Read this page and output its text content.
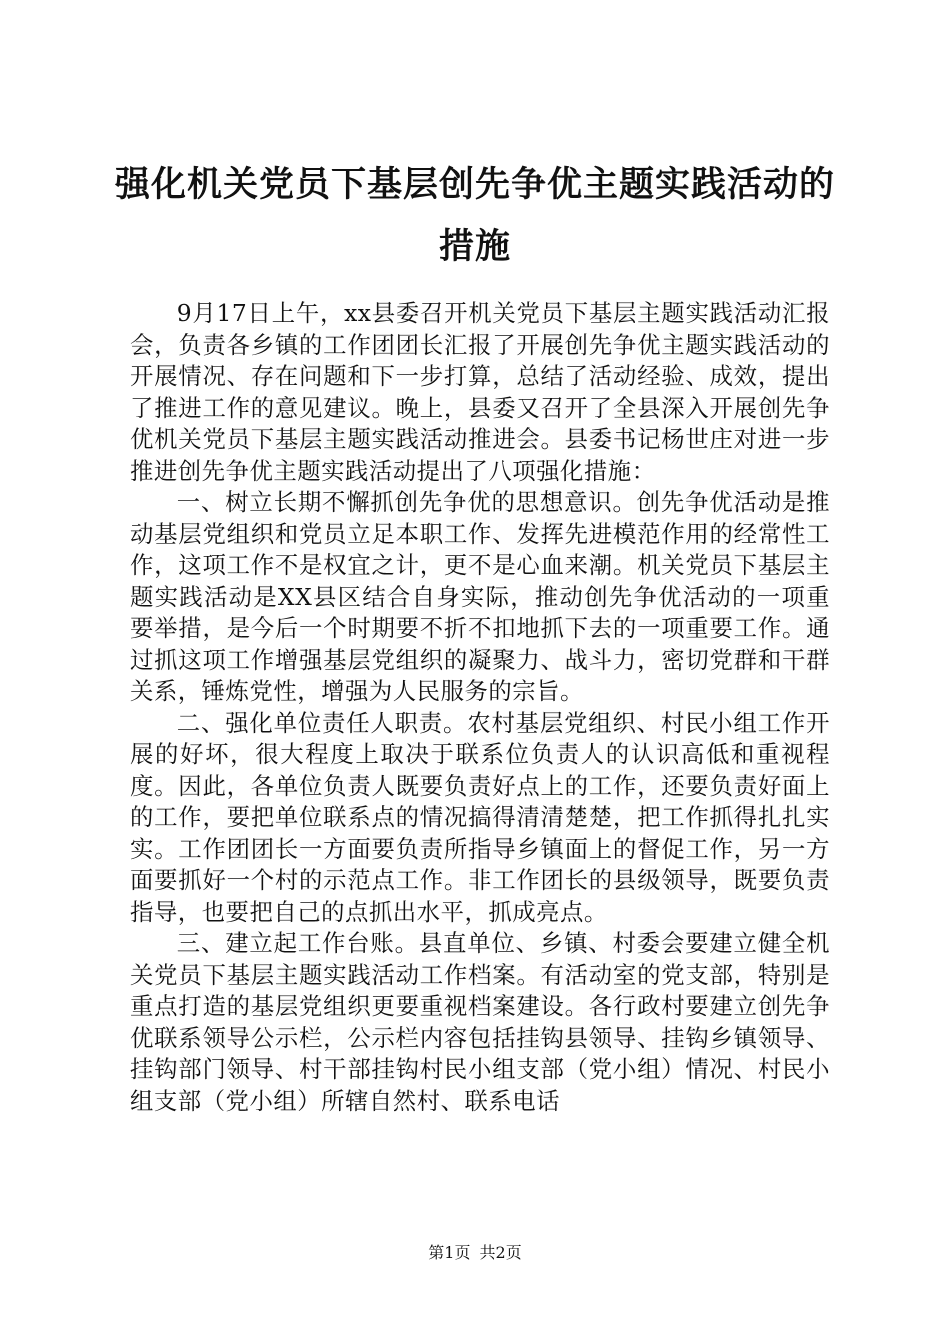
强化机关党员下基层创先争优主题实践活动的措施

9月17日上午，xx县委召开机关党员下基层主题实践活动汇报会，负责各乡镇的工作团团长汇报了开展创先争优主题实践活动的开展情况、存在问题和下一步打算，总结了活动经验、成效，提出了推进工作的意见建议。晚上，县委又召开了全县深入开展创先争优机关党员下基层主题实践活动推进会。县委书记杨世庄对进一步推进创先争优主题实践活动提出了八项强化措施：

一、树立长期不懈抓创先争优的思想意识。创先争优活动是推动基层党组织和党员立足本职工作、发挥先进模范作用的经常性工作，这项工作不是权宜之计，更不是心血来潮。机关党员下基层主题实践活动是XX县区结合自身实际，推动创先争优活动的一项重要举措，是今后一个时期要不折不扣地抓下去的一项重要工作。通过抓这项工作增强基层党组织的凝聚力、战斗力，密切党群和干群关系，锤炼党性，增强为人民服务的宗旨。

二、强化单位责任人职责。农村基层党组织、村民小组工作开展的好坏，很大程度上取决于联系位负责人的认识高低和重视程度。因此，各单位负责人既要负责好点上的工作，还要负责好面上的工作，要把单位联系点的情况搞得清清楚楚，把工作抓得扎扎实实。工作团团长一方面要负责所指导乡镇面上的督促工作，另一方面要抓好一个村的示范点工作。非工作团长的县级领导，既要负责指导，也要把自己的点抓出水平，抓成亮点。

三、建立起工作台账。县直单位、乡镇、村委会要建立健全机关党员下基层主题实践活动工作档案。有活动室的党支部，特别是重点打造的基层党组织更要重视档案建设。各行政村要建立创先争优联系领导公示栏，公示栏内容包括挂钩县领导、挂钩乡镇领导、挂钩部门领导、村干部挂钩村民小组支部（党小组）情况、村民小组支部（党小组）所辖自然村、联系电话

第1页 共2页
